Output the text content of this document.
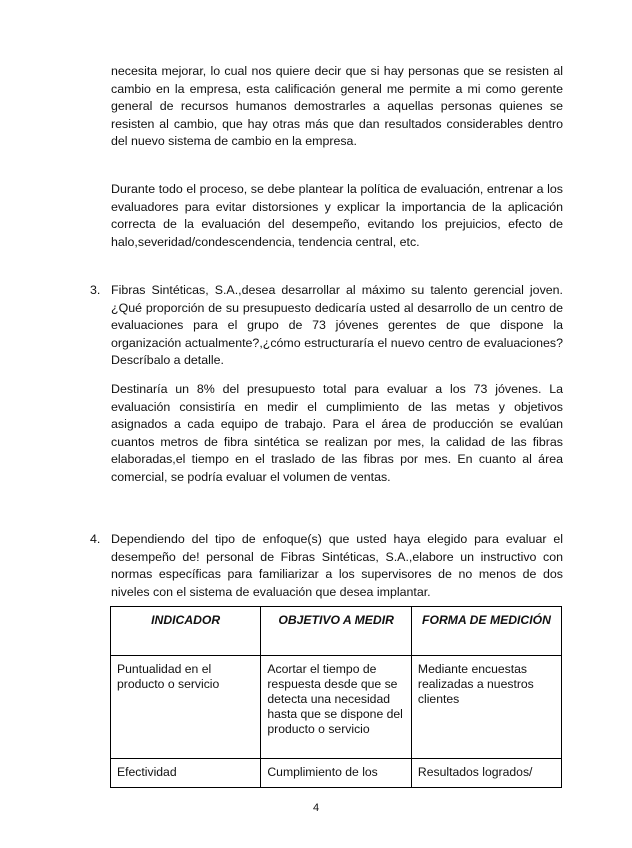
necesita mejorar, lo cual nos quiere decir que si hay personas que se resisten al cambio en la empresa, esta calificación general me permite a mi como gerente general de recursos humanos demostrarles a aquellas personas quienes se resisten al cambio, que hay otras más que dan resultados considerables dentro del nuevo sistema de cambio en la empresa.

Durante todo el proceso, se debe plantear la política de evaluación, entrenar a los evaluadores para evitar distorsiones y explicar la importancia de la aplicación correcta de la evaluación del desempeño, evitando los prejuicios, efecto de halo,severidad/condescendencia, tendencia central, etc.

3. Fibras Sintéticas, S.A.,desea desarrollar al máximo su talento gerencial joven. ¿Qué proporción de su presupuesto dedicaría usted al desarrollo de un centro de evaluaciones para el grupo de 73 jóvenes gerentes de que dispone la organización actualmente?,¿cómo estructuraría el nuevo centro de evaluaciones? Descríbalo a detalle.

Destinaría un 8% del presupuesto total para evaluar a los 73 jóvenes. La evaluación consistiría en medir el cumplimiento de las metas y objetivos asignados a cada equipo de trabajo. Para el área de producción se evalúan cuantos metros de fibra sintética se realizan por mes, la calidad de las fibras elaboradas,el tiempo en el traslado de las fibras por mes. En cuanto al área comercial, se podría evaluar el volumen de ventas.

4. Dependiendo del tipo de enfoque(s) que usted haya elegido para evaluar el desempeño de! personal de Fibras Sintéticas, S.A.,elabore un instructivo con normas específicas para familiarizar a los supervisores de no menos de dos niveles con el sistema de evaluación que desea implantar.

INDICADOR	OBJETIVO A MEDIR	FORMA DE MEDICIÓN
Puntualidad en el producto o servicio	Acortar el tiempo de respuesta desde que se detecta una necesidad hasta que se dispone del producto o servicio	Mediante encuestas realizadas a nuestros clientes
Efectividad	Cumplimiento de los	Resultados logrados/
4
